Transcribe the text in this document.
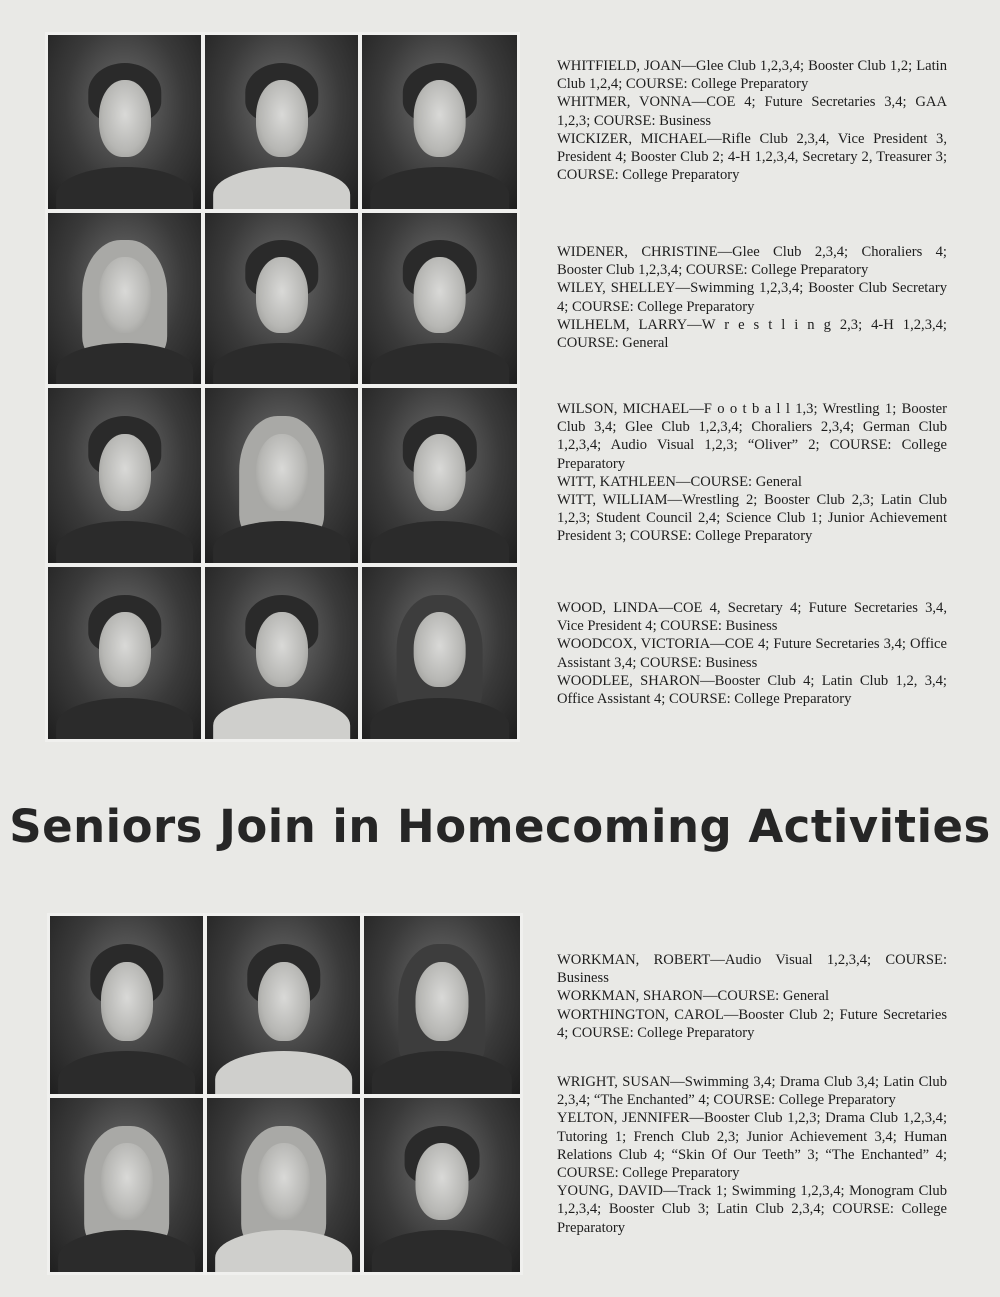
WHITFIELD, JOAN—Glee Club 1,2,3,4; Booster Club 1,2; Latin Club 1,2,4; COURSE: College Preparatory

WHITMER, VONNA—COE 4; Future Secretaries 3,4; GAA 1,2,3; COURSE: Business

WICKIZER, MICHAEL—Rifle Club 2,3,4, Vice President 3, President 4; Booster Club 2; 4-H 1,2,3,4, Secretary 2, Treasurer 3; COURSE: College Preparatory

WIDENER, CHRISTINE—Glee Club 2,3,4; Choraliers 4; Booster Club 1,2,3,4; COURSE: College Preparatory

WILEY, SHELLEY—Swimming 1,2,3,4; Booster Club Secretary 4; COURSE: College Preparatory

WILHELM, LARRY—W r e s t l i n g 2,3; 4-H 1,2,3,4; COURSE: General

WILSON, MICHAEL—F o o t b a l l 1,3; Wrestling 1; Booster Club 3,4; Glee Club 1,2,3,4; Choraliers 2,3,4; German Club 1,2,3,4; Audio Visual 1,2,3; “Oliver” 2; COURSE: College Preparatory

WITT, KATHLEEN—COURSE: General

WITT, WILLIAM—Wrestling 2; Booster Club 2,3; Latin Club 1,2,3; Student Council 2,4; Science Club 1; Junior Achievement President 3; COURSE: College Preparatory

WOOD, LINDA—COE 4, Secretary 4; Future Secretaries 3,4, Vice President 4; COURSE: Business

WOODCOX, VICTORIA—COE 4; Future Secretaries 3,4; Office Assistant 3,4; COURSE: Business

WOODLEE, SHARON—Booster Club 4; Latin Club 1,2, 3,4; Office Assistant 4; COURSE: College Preparatory

Seniors Join in Homecoming Activities

WORKMAN, ROBERT—Audio Visual 1,2,3,4; COURSE: Business

WORKMAN, SHARON—COURSE: General

WORTHINGTON, CAROL—Booster Club 2; Future Secretaries 4; COURSE: College Preparatory

WRIGHT, SUSAN—Swimming 3,4; Drama Club 3,4; Latin Club 2,3,4; “The Enchanted” 4; COURSE: College Preparatory

YELTON, JENNIFER—Booster Club 1,2,3; Drama Club 1,2,3,4; Tutoring 1; French Club 2,3; Junior Achievement 3,4; Human Relations Club 4; “Skin Of Our Teeth” 3; “The Enchanted” 4; COURSE: College Preparatory

YOUNG, DAVID—Track 1; Swimming 1,2,3,4; Monogram Club 1,2,3,4; Booster Club 3; Latin Club 2,3,4; COURSE: College Preparatory
